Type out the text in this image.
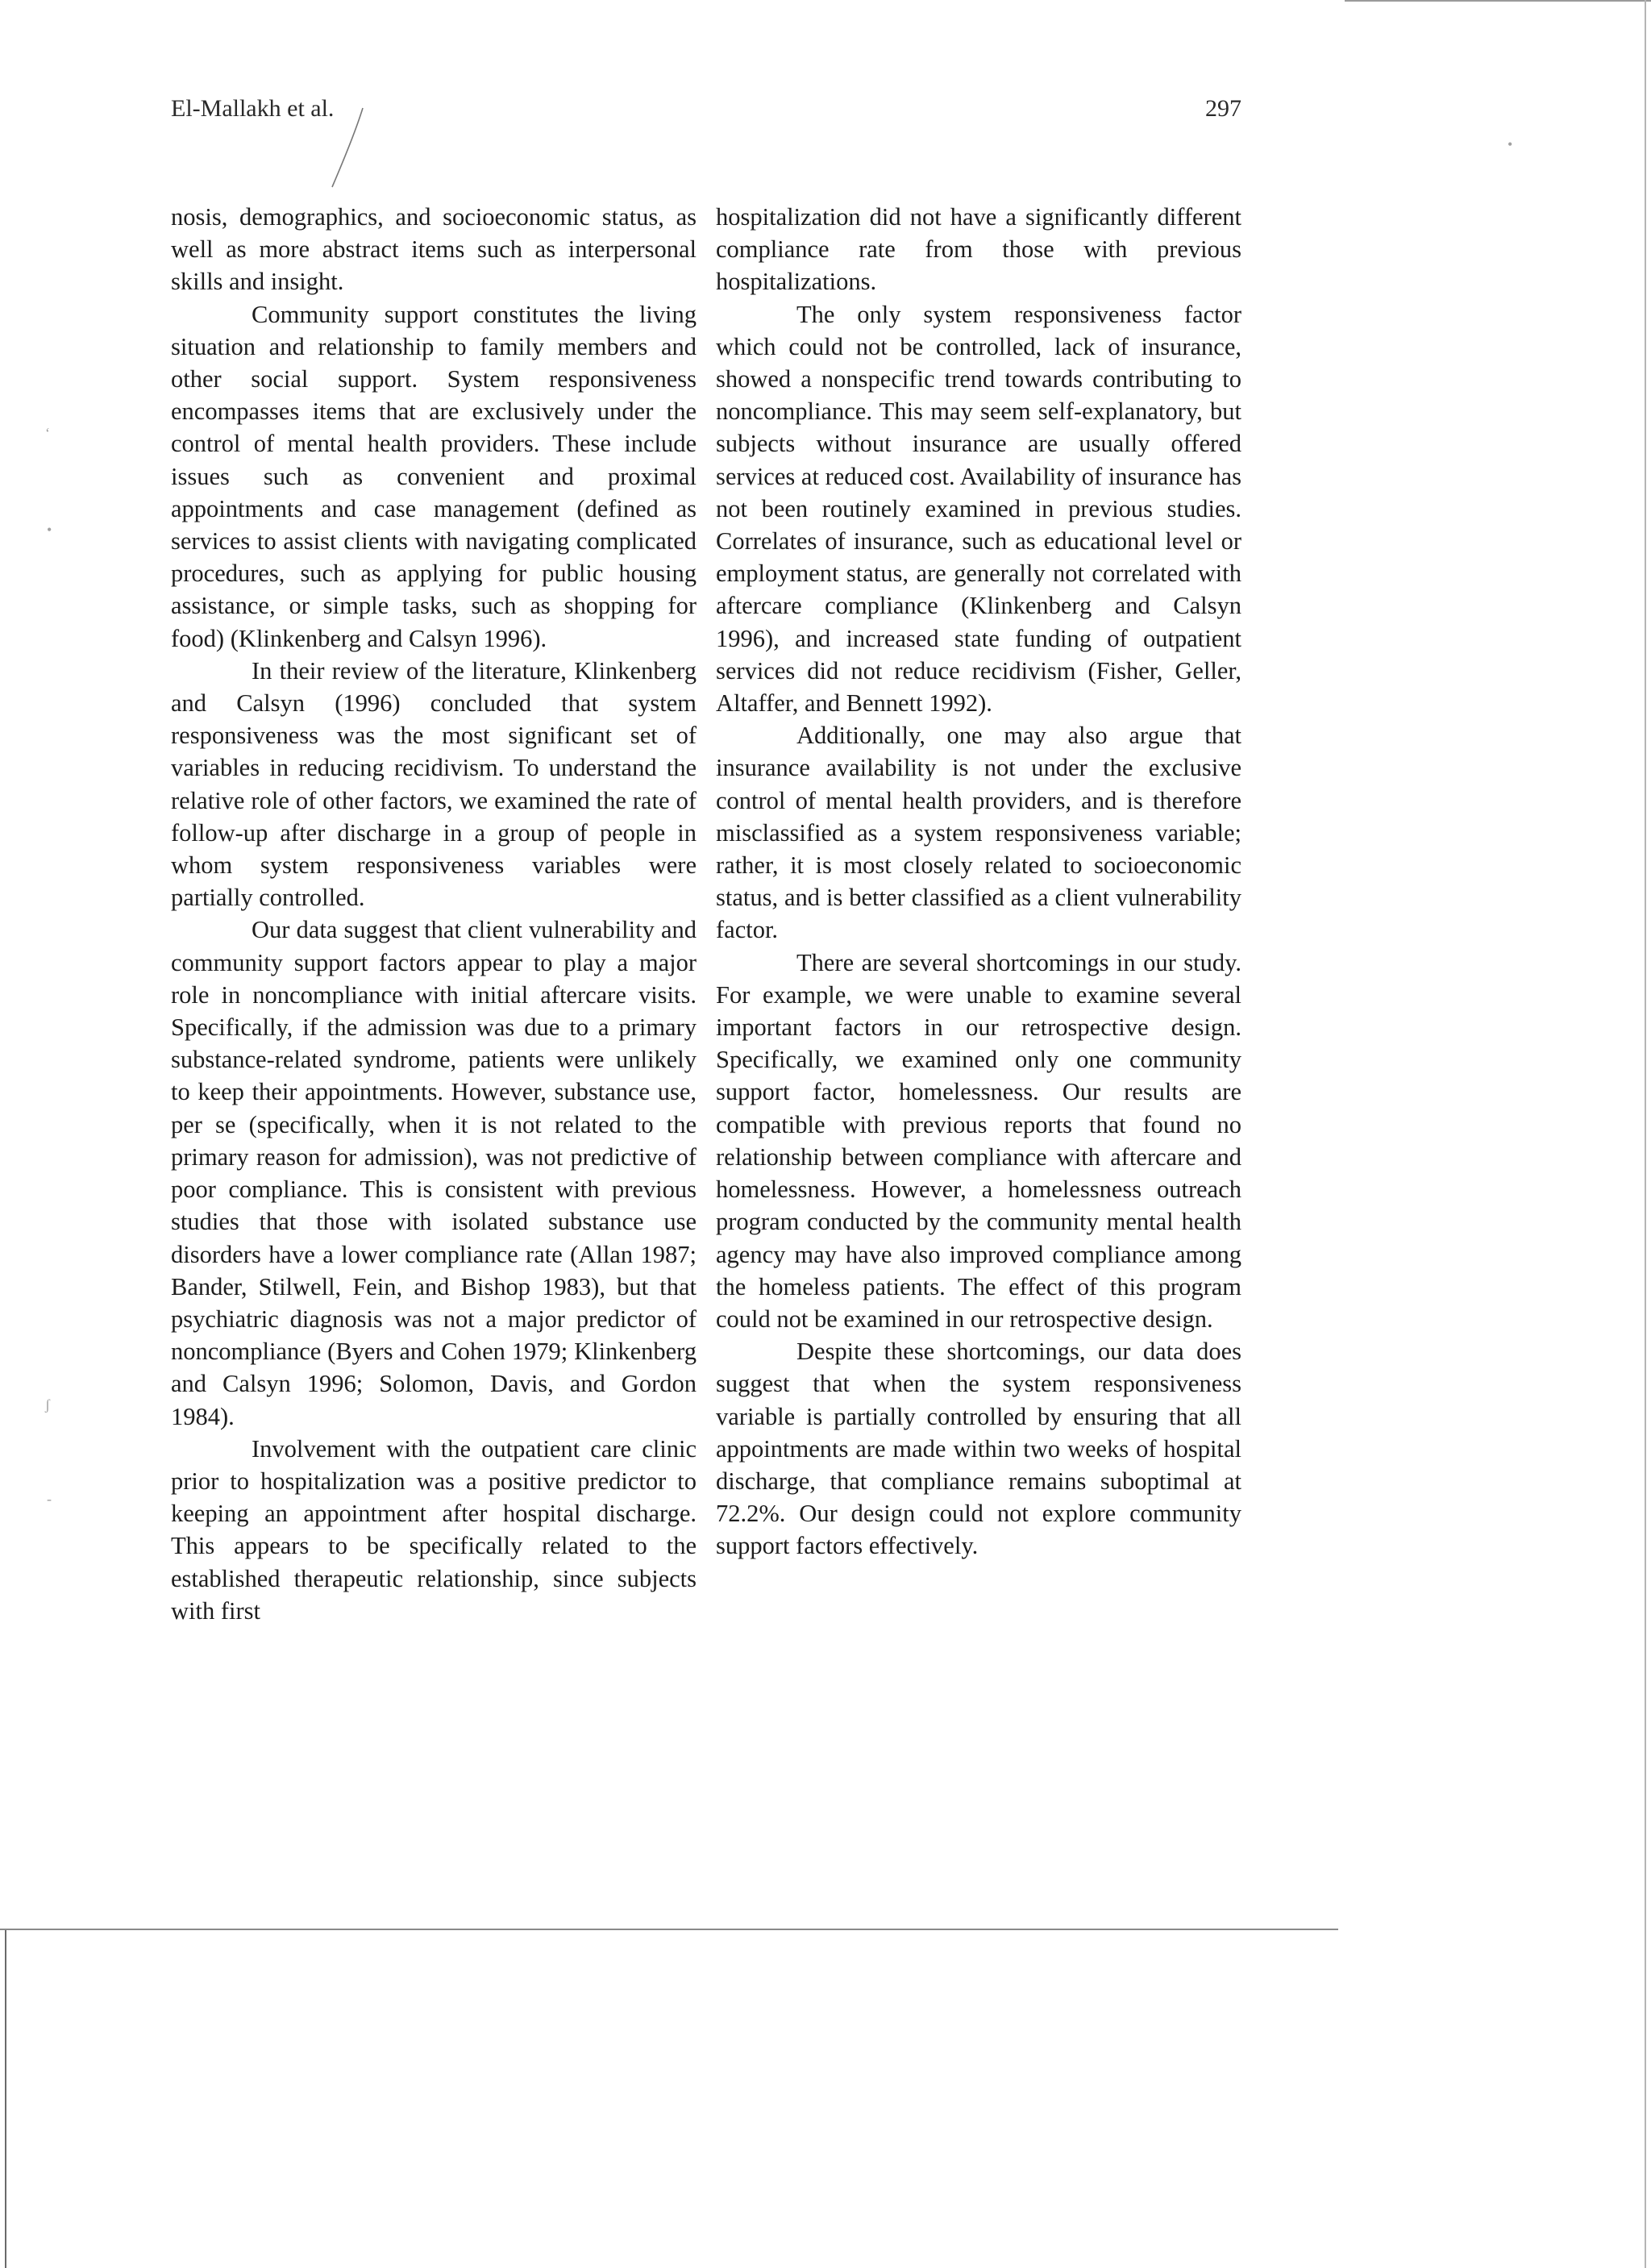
El-Mallakh et al.	297
•
ʻ
•
ʃ
-

nosis, demographics, and socioeconomic status, as well as more abstract items such as interpersonal skills and insight.

Community support constitutes the living situation and relationship to family members and other social support. System responsiveness encompasses items that are exclusively under the control of mental health providers. These include issues such as convenient and proximal appointments and case management (defined as services to assist clients with navigating complicated procedures, such as applying for public housing assistance, or simple tasks, such as shopping for food) (Klinkenberg and Calsyn 1996).

In their review of the literature, Klinkenberg and Calsyn (1996) concluded that system responsiveness was the most significant set of variables in reducing recidivism. To understand the relative role of other factors, we examined the rate of follow-up after discharge in a group of people in whom system responsiveness variables were partially controlled.

Our data suggest that client vulnerability and community support factors appear to play a major role in noncompliance with initial aftercare visits. Specifically, if the admission was due to a primary substance-related syndrome, patients were unlikely to keep their appointments. However, substance use, per se (specifically, when it is not related to the primary reason for admission), was not predictive of poor compliance. This is consistent with previous studies that those with isolated substance use disorders have a lower compliance rate (Allan 1987; Bander, Stilwell, Fein, and Bishop 1983), but that psychiatric diagnosis was not a major predictor of noncompliance (Byers and Cohen 1979; Klinkenberg and Calsyn 1996; Solomon, Davis, and Gordon 1984).

Involvement with the outpatient care clinic prior to hospitalization was a positive predictor to keeping an appointment after hospital discharge. This appears to be specifically related to the established therapeutic relationship, since subjects with first

hospitalization did not have a significantly different compliance rate from those with previous hospitalizations.

The only system responsiveness factor which could not be controlled, lack of insurance, showed a nonspecific trend towards contributing to noncompliance. This may seem self-explanatory, but subjects without insurance are usually offered services at reduced cost. Availability of insurance has not been routinely examined in previous studies. Correlates of insurance, such as educational level or employment status, are generally not correlated with aftercare compliance (Klinkenberg and Calsyn 1996), and increased state funding of outpatient services did not reduce recidivism (Fisher, Geller, Altaffer, and Bennett 1992).

Additionally, one may also argue that insurance availability is not under the exclusive control of mental health providers, and is therefore misclassified as a system responsiveness variable; rather, it is most closely related to socioeconomic status, and is better classified as a client vulnerability factor.

There are several shortcomings in our study. For example, we were unable to examine several important factors in our retrospective design. Specifically, we examined only one community support factor, homelessness. Our results are compatible with previous reports that found no relationship between compliance with aftercare and homelessness. However, a homelessness outreach program conducted by the community mental health agency may have also improved compliance among the homeless patients. The effect of this program could not be examined in our retrospective design.

Despite these shortcomings, our data does suggest that when the system responsiveness variable is partially controlled by ensuring that all appointments are made within two weeks of hospital discharge, that compliance remains suboptimal at 72.2%. Our design could not explore community support factors effectively.
